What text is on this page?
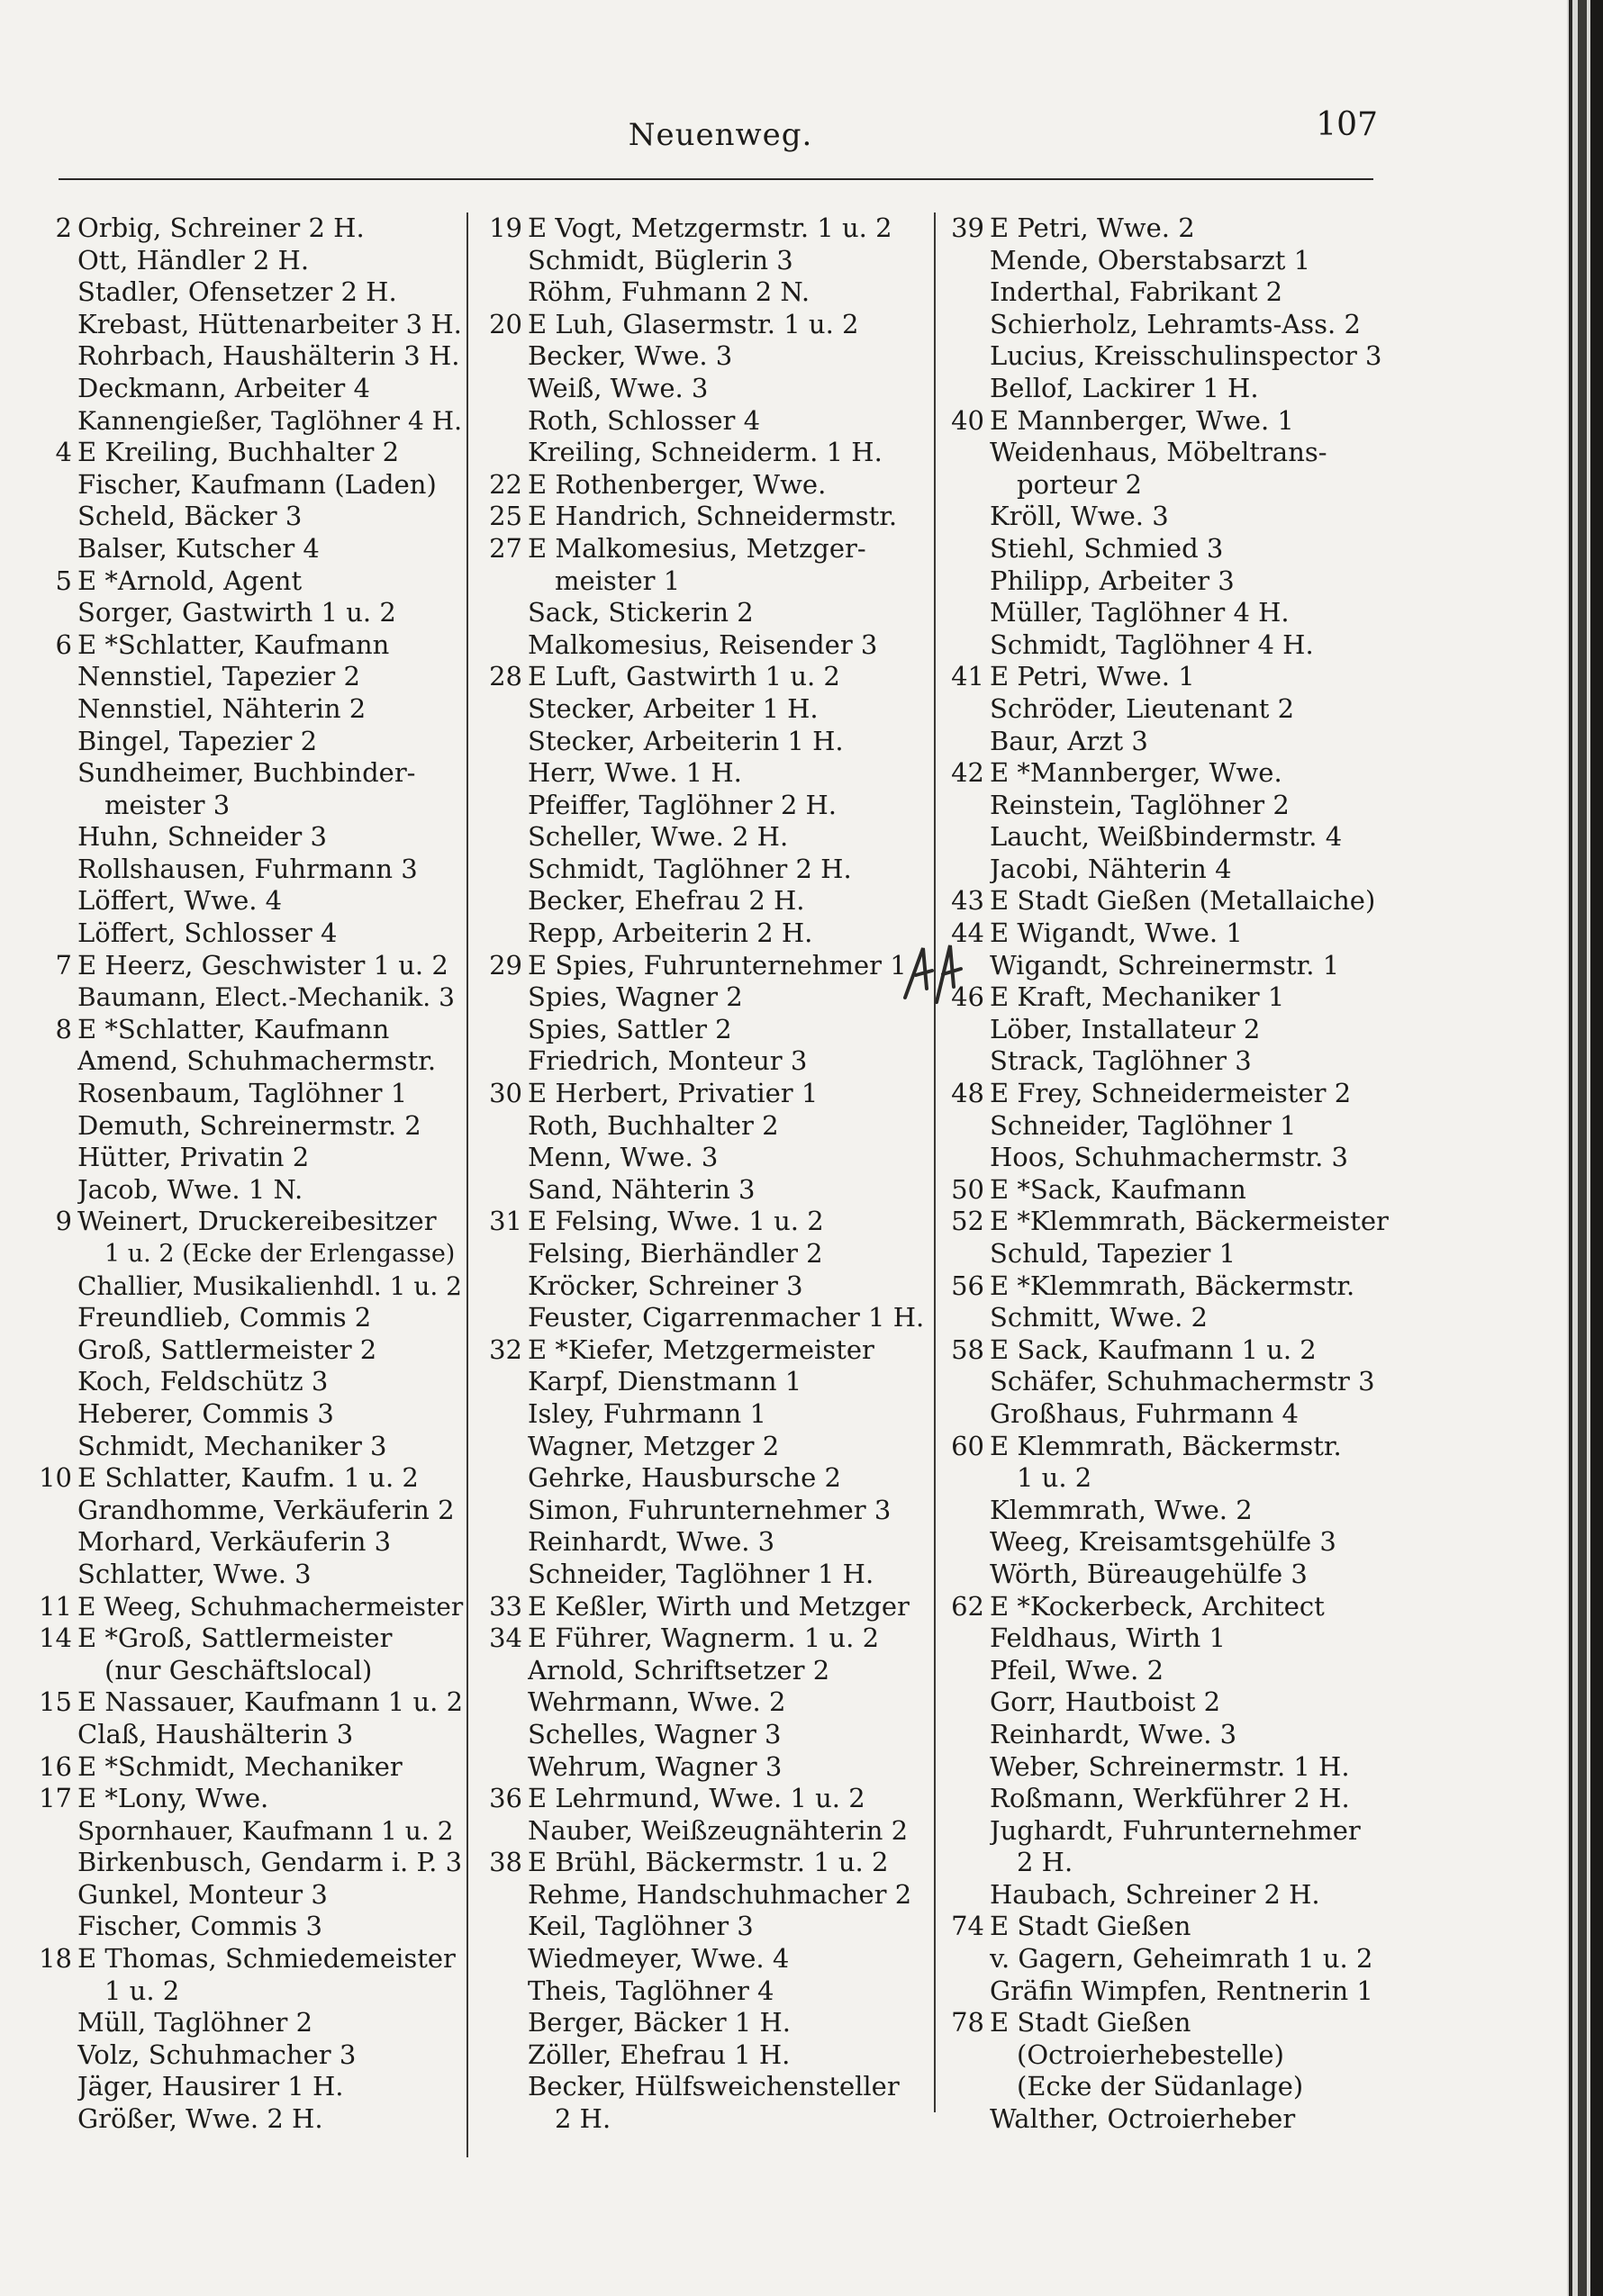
Neuenweg.	107
2 Orbig, Schreiner 2 H.
Ott, Händler 2 H.
Stadler, Ofensetzer 2 H.
Krebast, Hüttenarbeiter 3 H.
Rohrbach, Haushälterin 3 H.
Deckmann, Arbeiter 4
Kannengießer, Taglöhner 4 H.
4 E Kreiling, Buchhalter 2
Fischer, Kaufmann (Laden)
Scheld, Bäcker 3
Balser, Kutscher 4
5 E *Arnold, Agent
Sorger, Gastwirth 1 u. 2
6 E *Schlatter, Kaufmann
Nennstiel, Tapezier 2
Nennstiel, Nähterin 2
Bingel, Tapezier 2
Sundheimer, Buchbinder-
meister 3
Huhn, Schneider 3
Rollshausen, Fuhrmann 3
Löffert, Wwe. 4
Löffert, Schlosser 4
7 E Heerz, Geschwister 1 u. 2
Baumann, Elect.-Mechanik. 3
8 E *Schlatter, Kaufmann
Amend, Schuhmachermstr.
Rosenbaum, Taglöhner 1
Demuth, Schreinermstr. 2
Hütter, Privatin 2
Jacob, Wwe. 1 N.
9 Weinert, Druckereibesitzer
1 u. 2 (Ecke der Erlengasse)
Challier, Musikalienhdl. 1 u. 2
Freundlieb, Commis 2
Groß, Sattlermeister 2
Koch, Feldschütz 3
Heberer, Commis 3
Schmidt, Mechaniker 3
10 E Schlatter, Kaufm. 1 u. 2
Grandhomme, Verkäuferin 2
Morhard, Verkäuferin 3
Schlatter, Wwe. 3
11 E Weeg, Schuhmachermeister
14 E *Groß, Sattlermeister
(nur Geschäftslocal)
15 E Nassauer, Kaufmann 1 u. 2
Claß, Haushälterin 3
16 E *Schmidt, Mechaniker
17 E *Lony, Wwe.
Spornhauer, Kaufmann 1 u. 2
Birkenbusch, Gendarm i. P. 3
Gunkel, Monteur 3
Fischer, Commis 3
18 E Thomas, Schmiedemeister
1 u. 2
Müll, Taglöhner 2
Volz, Schuhmacher 3
Jäger, Hausirer 1 H.
Größer, Wwe. 2 H.
19 E Vogt, Metzgermstr. 1 u. 2
Schmidt, Büglerin 3
Röhm, Fuhmann 2 N.
20 E Luh, Glasermstr. 1 u. 2
Becker, Wwe. 3
Weiß, Wwe. 3
Roth, Schlosser 4
Kreiling, Schneiderm. 1 H.
22 E Rothenberger, Wwe.
25 E Handrich, Schneidermstr.
27 E Malkomesius, Metzger-
meister 1
Sack, Stickerin 2
Malkomesius, Reisender 3
28 E Luft, Gastwirth 1 u. 2
Stecker, Arbeiter 1 H.
Stecker, Arbeiterin 1 H.
Herr, Wwe. 1 H.
Pfeiffer, Taglöhner 2 H.
Scheller, Wwe. 2 H.
Schmidt, Taglöhner 2 H.
Becker, Ehefrau 2 H.
Repp, Arbeiterin 2 H.
29 E Spies, Fuhrunternehmer 1
Spies, Wagner 2
Spies, Sattler 2
Friedrich, Monteur 3
30 E Herbert, Privatier 1
Roth, Buchhalter 2
Menn, Wwe. 3
Sand, Nähterin 3
31 E Felsing, Wwe. 1 u. 2
Felsing, Bierhändler 2
Kröcker, Schreiner 3
Feuster, Cigarrenmacher 1 H.
32 E *Kiefer, Metzgermeister
Karpf, Dienstmann 1
Isley, Fuhrmann 1
Wagner, Metzger 2
Gehrke, Hausbursche 2
Simon, Fuhrunternehmer 3
Reinhardt, Wwe. 3
Schneider, Taglöhner 1 H.
33 E Keßler, Wirth und Metzger
34 E Führer, Wagnerm. 1 u. 2
Arnold, Schriftsetzer 2
Wehrmann, Wwe. 2
Schelles, Wagner 3
Wehrum, Wagner 3
36 E Lehrmund, Wwe. 1 u. 2
Nauber, Weißzeugnähterin 2
38 E Brühl, Bäckermstr. 1 u. 2
Rehme, Handschuhmacher 2
Keil, Taglöhner 3
Wiedmeyer, Wwe. 4
Theis, Taglöhner 4
Berger, Bäcker 1 H.
Zöller, Ehefrau 1 H.
Becker, Hülfsweichensteller
2 H.
39 E Petri, Wwe. 2
Mende, Oberstabsarzt 1
Inderthal, Fabrikant 2
Schierholz, Lehramts-Ass. 2
Lucius, Kreisschulinspector 3
Bellof, Lackirer 1 H.
40 E Mannberger, Wwe. 1
Weidenhaus, Möbeltrans-
porteur 2
Kröll, Wwe. 3
Stiehl, Schmied 3
Philipp, Arbeiter 3
Müller, Taglöhner 4 H.
Schmidt, Taglöhner 4 H.
41 E Petri, Wwe. 1
Schröder, Lieutenant 2
Baur, Arzt 3
42 E *Mannberger, Wwe.
Reinstein, Taglöhner 2
Laucht, Weißbindermstr. 4
Jacobi, Nähterin 4
43 E Stadt Gießen (Metallaiche)
44 E Wigandt, Wwe. 1
Wigandt, Schreinermstr. 1
46 E Kraft, Mechaniker 1
Löber, Installateur 2
Strack, Taglöhner 3
48 E Frey, Schneidermeister 2
Schneider, Taglöhner 1
Hoos, Schuhmachermstr. 3
50 E *Sack, Kaufmann
52 E *Klemmrath, Bäckermeister
Schuld, Tapezier 1
56 E *Klemmrath, Bäckermstr.
Schmitt, Wwe. 2
58 E Sack, Kaufmann 1 u. 2
Schäfer, Schuhmachermstr 3
Großhaus, Fuhrmann 4
60 E Klemmrath, Bäckermstr.
1 u. 2
Klemmrath, Wwe. 2
Weeg, Kreisamtsgehülfe 3
Wörth, Büreaugehülfe 3
62 E *Kockerbeck, Architect
Feldhaus, Wirth 1
Pfeil, Wwe. 2
Gorr, Hautboist 2
Reinhardt, Wwe. 3
Weber, Schreinermstr. 1 H.
Roßmann, Werkführer 2 H.
Jughardt, Fuhrunternehmer
2 H.
Haubach, Schreiner 2 H.
74 E Stadt Gießen
v. Gagern, Geheimrath 1 u. 2
Gräfin Wimpfen, Rentnerin 1
78 E Stadt Gießen
(Octroierhebestelle)
(Ecke der Südanlage)
Walther, Octroierheber
